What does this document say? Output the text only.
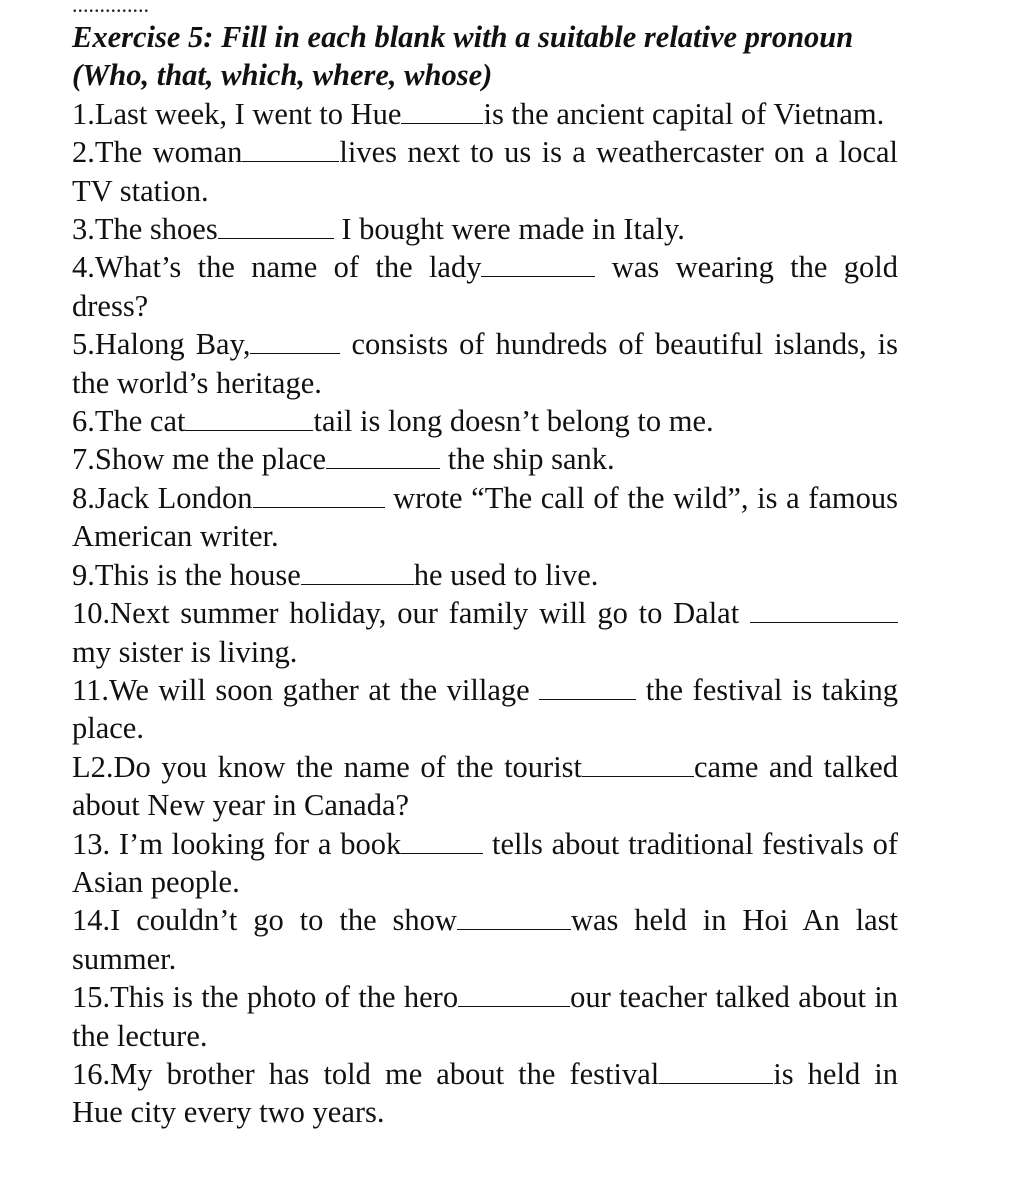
..............

Exercise 5: Fill in each blank with a suitable relative pronoun (Who, that, which, where, whose)

1.Last week, I went to Hue	is the ancient capital of Vietnam.

2.The woman	lives next to us is a weathercaster on a local TV station.

3.The shoes	I bought were made in Italy.

4.What’s the name of the lady	was wearing the gold dress?

5.Halong Bay,	consists of hundreds of beautiful islands, is the world’s heritage.

6.The cat	tail is long doesn’t belong to me.

7.Show me the place	the ship sank.

8.Jack London	wrote “The call of the wild”, is a famous American writer.

9.This is the house	he used to live.

10.Next summer holiday, our family will go to Dalat my sister is living.

11.We will soon gather at the village	the festival is taking place.

L2.Do you know the name of the tourist	came and talked about New year in Canada?

13. I’m looking for a book	tells about traditional festivals of Asian people.

14.I couldn’t go to the show	was held in Hoi An last summer.

15.This is the photo of the hero	our teacher talked about in the lecture.

16.My brother has told me about the festival	is held in Hue city every two years.
